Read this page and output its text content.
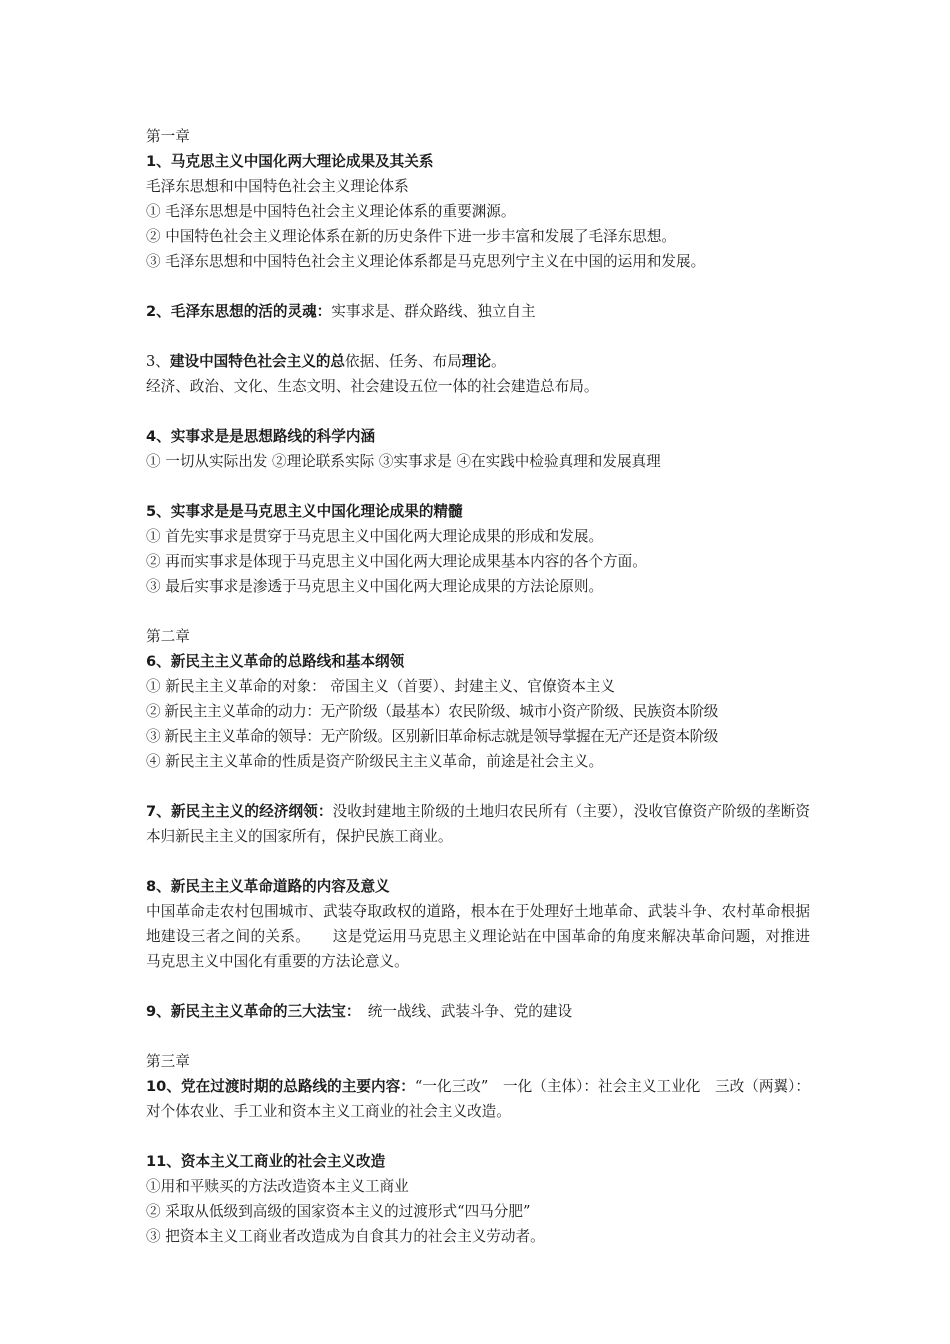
第一章
1、马克思主义中国化两大理论成果及其关系
毛泽东思想和中国特色社会主义理论体系
① 毛泽东思想是中国特色社会主义理论体系的重要渊源。
② 中国特色社会主义理论体系在新的历史条件下进一步丰富和发展了毛泽东思想。
③ 毛泽东思想和中国特色社会主义理论体系都是马克思列宁主义在中国的运用和发展。
2、毛泽东思想的活的灵魂：实事求是、群众路线、独立自主
3、建设中国特色社会主义的总依据、任务、布局理论。
经济、政治、文化、生态文明、社会建设五位一体的社会建造总布局。
4、实事求是是思想路线的科学内涵
① 一切从实际出发 ②理论联系实际 ③实事求是 ④在实践中检验真理和发展真理
5、实事求是是马克思主义中国化理论成果的精髓
① 首先实事求是贯穿于马克思主义中国化两大理论成果的形成和发展。
② 再而实事求是体现于马克思主义中国化两大理论成果基本内容的各个方面。
③ 最后实事求是渗透于马克思主义中国化两大理论成果的方法论原则。
第二章
6、新民主主义革命的总路线和基本纲领
① 新民主主义革命的对象： 帝国主义（首要）、封建主义、官僚资本主义
② 新民主主义革命的动力：无产阶级（最基本）农民阶级、城市小资产阶级、民族资本阶级
③ 新民主主义革命的领导：无产阶级。区别新旧革命标志就是领导掌握在无产还是资本阶级
④ 新民主主义革命的性质是资产阶级民主主义革命，前途是社会主义。
7、新民主主义的经济纲领：没收封建地主阶级的土地归农民所有（主要），没收官僚资产阶级的垄断资本归新民主主义的国家所有，保护民族工商业。
8、新民主主义革命道路的内容及意义
中国革命走农村包围城市、武装夺取政权的道路，根本在于处理好土地革命、武装斗争、农村革命根据地建设三者之间的关系。　　这是党运用马克思主义理论站在中国革命的角度来解决革命问题，对推进马克思主义中国化有重要的方法论意义。
9、新民主主义革命的三大法宝：　统一战线、武装斗争、党的建设
第三章
10、党在过渡时期的总路线的主要内容：“一化三改”　一化（主体）：社会主义工业化　三改（两翼）：对个体农业、手工业和资本主义工商业的社会主义改造。
11、资本主义工商业的社会主义改造
①用和平赎买的方法改造资本主义工商业
② 采取从低级到高级的国家资本主义的过渡形式“四马分肥”
③ 把资本主义工商业者改造成为自食其力的社会主义劳动者。
